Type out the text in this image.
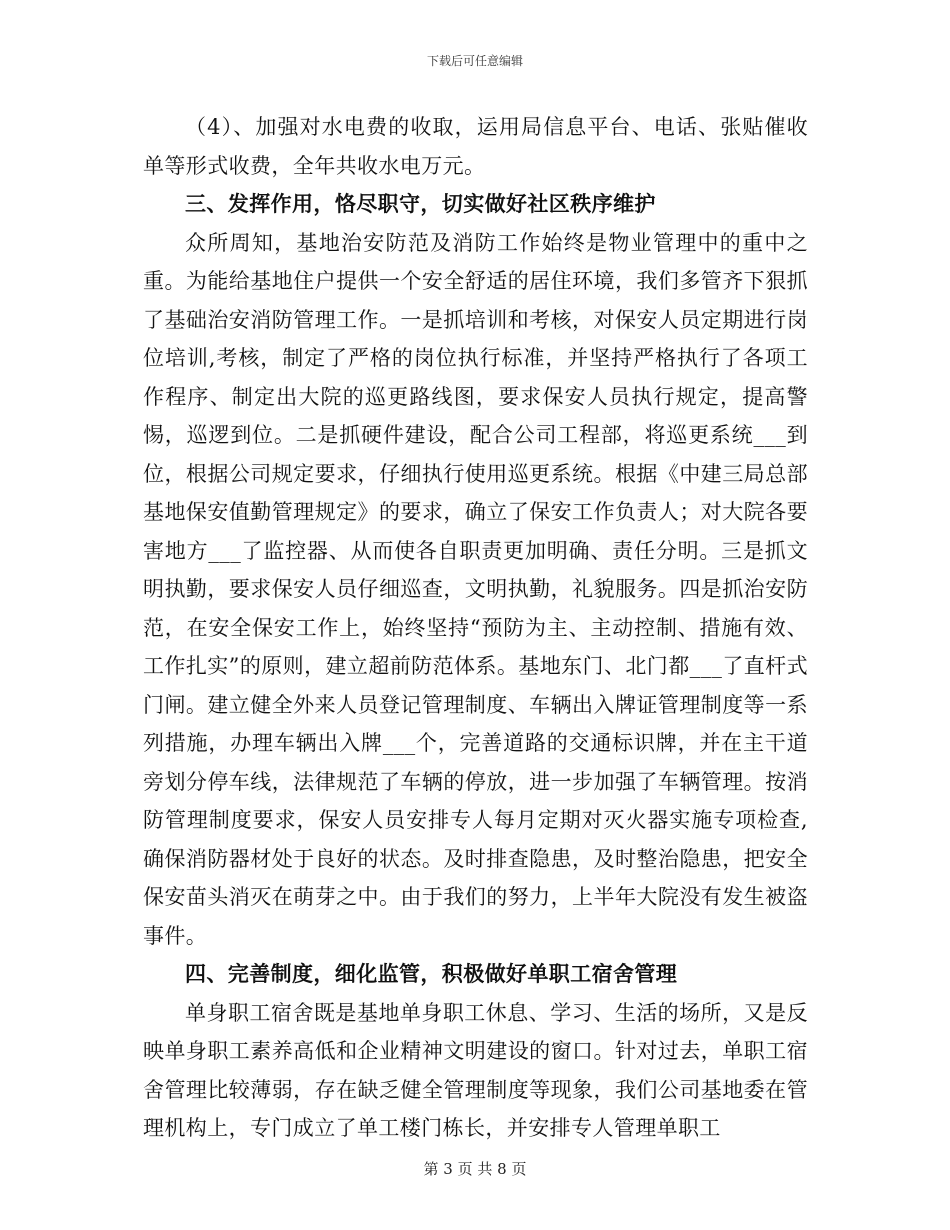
下载后可任意编辑

（4）、加强对水电费的收取，运用局信息平台、电话、张贴催收单等形式收费，全年共收水电万元。

三、发挥作用，恪尽职守，切实做好社区秩序维护

众所周知，基地治安防范及消防工作始终是物业管理中的重中之重。为能给基地住户提供一个安全舒适的居住环境，我们多管齐下狠抓了基础治安消防管理工作。一是抓培训和考核，对保安人员定期进行岗位培训,考核，制定了严格的岗位执行标准，并坚持严格执行了各项工作程序、制定出大院的巡更路线图，要求保安人员执行规定，提高警惕，巡逻到位。二是抓硬件建设，配合公司工程部，将巡更系统___到位，根据公司规定要求，仔细执行使用巡更系统。根据《中建三局总部基地保安值勤管理规定》的要求，确立了保安工作负责人；对大院各要害地方___了监控器、从而使各自职责更加明确、责任分明。三是抓文明执勤，要求保安人员仔细巡查，文明执勤，礼貌服务。四是抓治安防范，在安全保安工作上，始终坚持“预防为主、主动控制、措施有效、工作扎实”的原则，建立超前防范体系。基地东门、北门都___了直杆式门闸。建立健全外来人员登记管理制度、车辆出入牌证管理制度等一系列措施，办理车辆出入牌___个，完善道路的交通标识牌，并在主干道旁划分停车线，法律规范了车辆的停放，进一步加强了车辆管理。按消防管理制度要求，保安人员安排专人每月定期对灭火器实施专项检查,确保消防器材处于良好的状态。及时排查隐患，及时整治隐患，把安全保安苗头消灭在萌芽之中。由于我们的努力，上半年大院没有发生被盗事件。

四、完善制度，细化监管，积极做好单职工宿舍管理

单身职工宿舍既是基地单身职工休息、学习、生活的场所，又是反映单身职工素养高低和企业精神文明建设的窗口。针对过去，单职工宿舍管理比较薄弱，存在缺乏健全管理制度等现象，我们公司基地委在管理机构上，专门成立了单工楼门栋长，并安排专人管理单职工

第 3 页 共 8 页
